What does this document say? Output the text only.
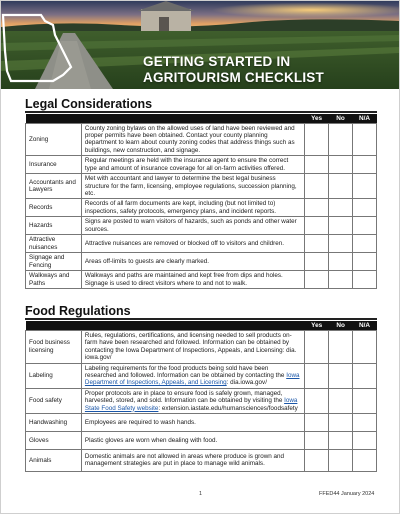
GETTING STARTED IN
AGRITOURISM CHECKLIST
Legal Considerations
		Yes	No	N/A
Zoning	County zoning bylaws on the allowed uses of land have been reviewed and proper permits have been obtained. Contact your county planning department to learn about county zoning codes that address things such as buildings, new construction, and signage.			
Insurance	Regular meetings are held with the insurance agent to ensure the correct type and amount of insurance coverage for all on-farm activities offered.			
Accountants and Lawyers	Met with accountant and lawyer to determine the best legal business structure for the farm, licensing, employee regulations, succession planning, etc.			
Records	Records of all farm documents are kept, including (but not limited to) inspections, safety protocols, emergency plans, and incident reports.			
Hazards	Signs are posted to warn visitors of hazards, such as ponds and other water sources.			
Attractive nuisances	Attractive nuisances are removed or blocked off to visitors and children.			
Signage and Fencing	Areas off-limits to guests are clearly marked.			
Walkways and Paths	Walkways and paths are maintained and kept free from dips and holes. Signage is used to direct visitors where to and not to walk.			
Food Regulations
		Yes	No	N/A
Food business licensing	Rules, regulations, certifications, and licensing needed to sell products on- farm have been researched and followed. Information can be obtained by contacting the Iowa Department of Inspections, Appeals, and Licensing: dia. iowa.gov/			
Labeling	Labeling requirements for the food products being sold have been researched and followed. Information can be obtained by contacting the Iowa Department of Inspections, Appeals, and Licensing: dia.iowa.gov/			
Food safety	Proper protocols are in place to ensure food is safely grown, managed, harvested, stored, and sold. Information can be obtained by visiting the Iowa State Food Safety website: extension.iastate.edu/humansciences/foodsafety			
Handwashing	Employees are required to wash hands.			
Gloves	Plastic gloves are worn when dealing with food.			
Animals	Domestic animals are not allowed in areas where produce is grown and management strategies are put in place to manage wild animals.			
1	FFED44 January 2024
